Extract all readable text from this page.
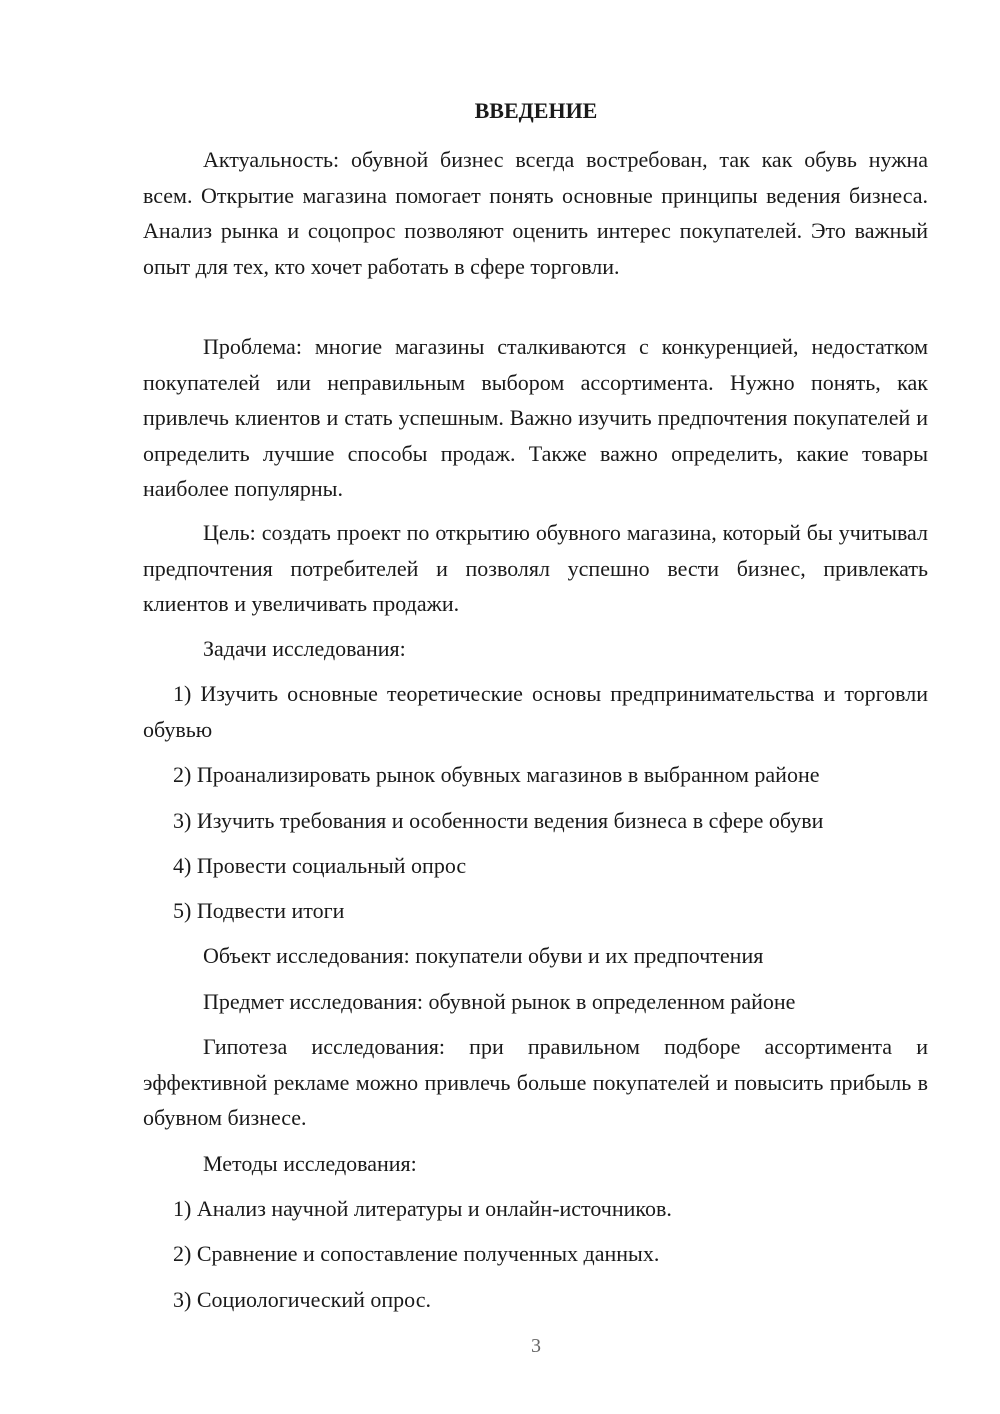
ВВЕДЕНИЕ

Актуальность: обувной бизнес всегда востребован, так как обувь нужна всем. Открытие магазина помогает понять основные принципы ведения бизнеса. Анализ рынка и соцопрос позволяют оценить интерес покупателей. Это важный опыт для тех, кто хочет работать в сфере торговли.

Проблема: многие магазины сталкиваются с конкуренцией, недостатком покупателей или неправильным выбором ассортимента. Нужно понять, как привлечь клиентов и стать успешным. Важно изучить предпочтения покупателей и определить лучшие способы продаж. Также важно определить, какие товары наиболее популярны.

Цель: создать проект по открытию обувного магазина, который бы учитывал предпочтения потребителей и позволял успешно вести бизнес, привлекать клиентов и увеличивать продажи.

Задачи исследования:

1) Изучить основные теоретические основы предпринимательства и торговли обувью

2) Проанализировать рынок обувных магазинов в выбранном районе

3) Изучить требования и особенности ведения бизнеса в сфере обуви

4) Провести социальный опрос

5) Подвести итоги

Объект исследования: покупатели обуви и их предпочтения

Предмет исследования: обувной рынок в определенном районе

Гипотеза исследования: при правильном подборе ассортимента и эффективной рекламе можно привлечь больше покупателей и повысить прибыль в обувном бизнесе.

Методы исследования:

1) Анализ научной литературы и онлайн-источников.

2) Сравнение и сопоставление полученных данных.

3) Социологический опрос.

3
